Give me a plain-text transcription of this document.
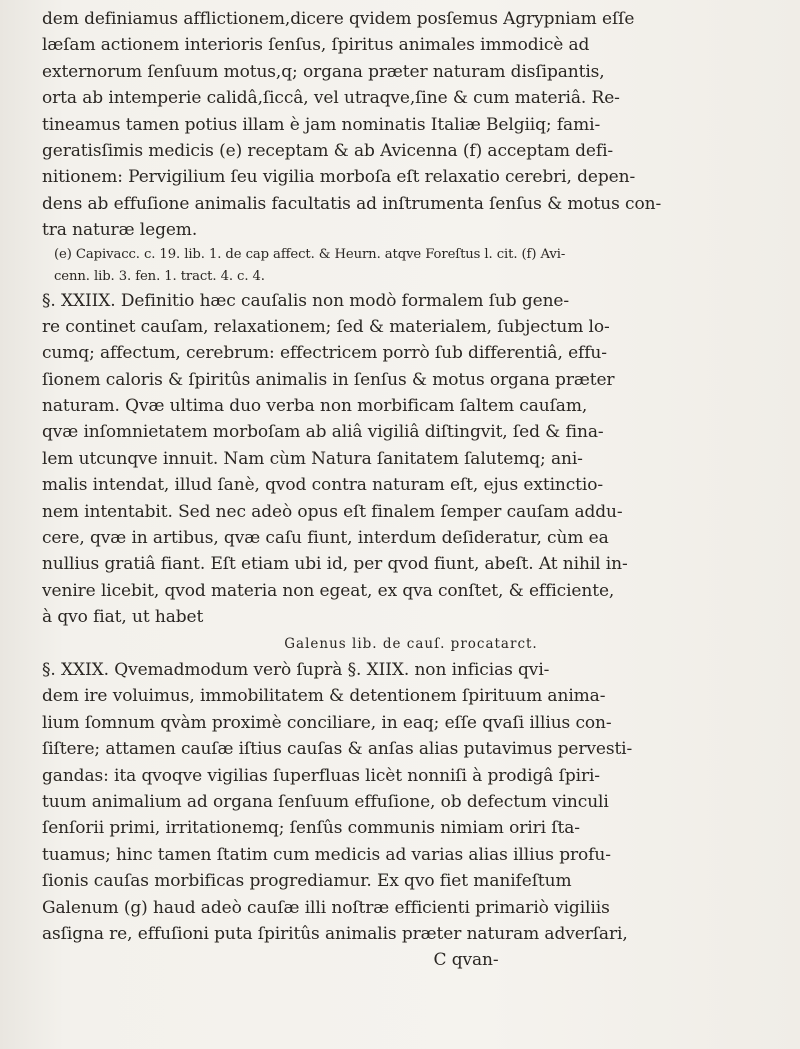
dem definiamus afflictionem,dicere qvidem posſemus Agrypniam eſſe
læſam actionem interioris ſenſus, ſpiritus animales immodicè ad
externorum ſenſuum motus,q; organa præter naturam disſipantis,
orta ab intemperie calidâ,ſiccâ, vel utraqve,ſine & cum materiâ. Re-
tineamus tamen potius illam è jam nominatis Italiæ Belgiiq; fami-
geratisſimis medicis (e) receptam & ab Avicenna (f) acceptam defi-
nitionem: Pervigilium ſeu vigilia morboſa eſt relaxatio cerebri, depen-
dens ab effuſione animalis facultatis ad inſtrumenta ſenſus & motus con-
tra naturæ legem.
(e) Capivacc. c. 19. lib. 1. de cap affect. & Heurn. atqve Foreſtus l. cit. (f) Avi-
cenn. lib. 3. fen. 1. tract. 4. c. 4.
§. XXIIX. Definitio hæc cauſalis non modò formalem ſub gene-
re continet cauſam, relaxationem; ſed & materialem, ſubjectum lo-
cumq; affectum, cerebrum: effectricem porrò ſub differentiâ, effu-
ſionem caloris & ſpiritûs animalis in ſenſus & motus organa præter
naturam. Qvæ ultima duo verba non morbificam ſaltem cauſam,
qvæ inſomnietatem morboſam ab aliâ vigiliâ diſtingvit, ſed & fina-
lem utcunqve innuit. Nam cùm Natura ſanitatem ſalutemq; ani-
malis intendat, illud ſanè, qvod contra naturam eſt, ejus extinctio-
nem intentabit. Sed nec adeò opus eſt finalem ſemper cauſam addu-
cere, qvæ in artibus, qvæ caſu fiunt, interdum deſideratur, cùm ea
nullius gratiâ fiant. Eſt etiam ubi id, per qvod fiunt, abeſt. At nihil in-
venire licebit, qvod materia non egeat, ex qva conſtet, & efficiente,
à qvo fiat, ut habet
Galenus lib. de cauſ. procatarct.
§. XXIX. Qvemadmodum verò ſuprà §. XIIX. non inficias qvi-
dem ire voluimus, immobilitatem & detentionem ſpirituum anima-
lium ſomnum qvàm proximè conciliare, in eaq; eſſe qvaſi illius con-
ſiſtere; attamen cauſæ iſtius cauſas & anſas alias putavimus pervesti-
gandas: ita qvoqve vigilias ſuperfluas licèt nonniſi à prodigâ ſpiri-
tuum animalium ad organa ſenſuum effuſione, ob defectum vinculi
ſenſorii primi, irritationemq; ſenſûs communis nimiam oriri ſta-
tuamus; hinc tamen ſtatim cum medicis ad varias alias illius profu-
ſionis cauſas morbificas progrediamur. Ex qvo fiet manifeſtum
Galenum (g) haud adeò cauſæ illi noſtræ efficienti primariò vigiliis
asſigna re, effuſioni puta ſpiritûs animalis præter naturam adverſari,
C qvan-
